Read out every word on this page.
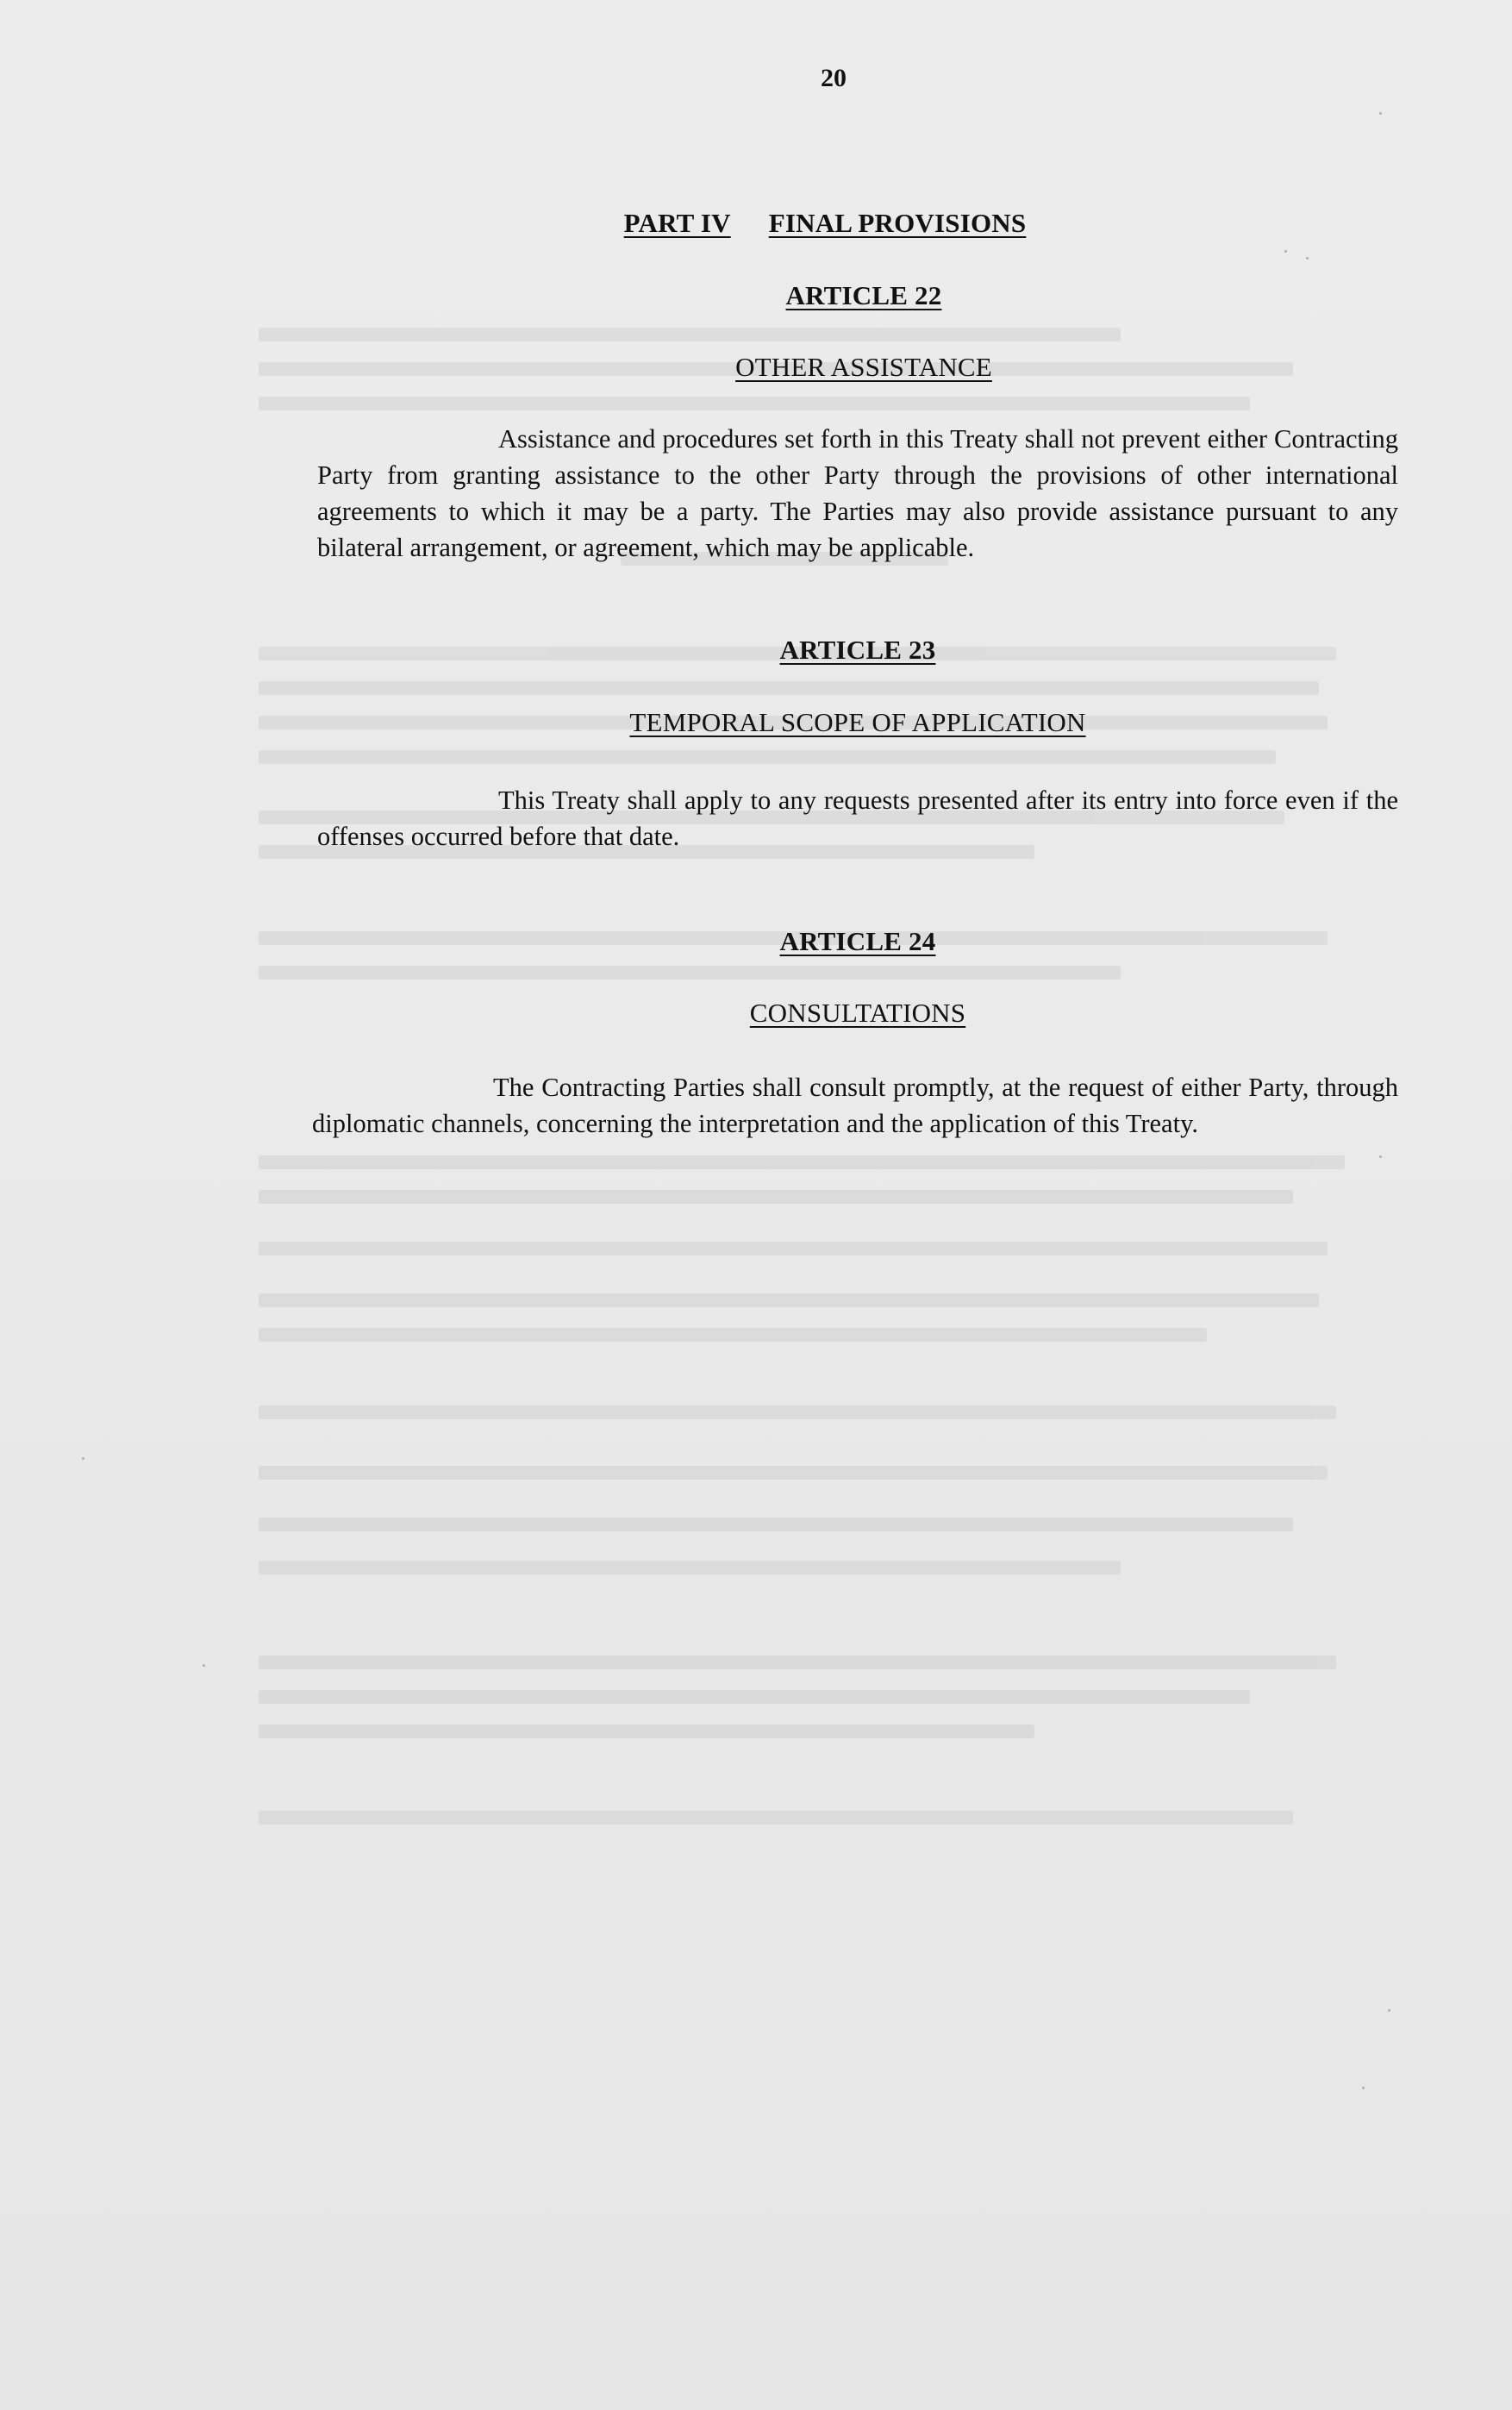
20
PART IV FINAL PROVISIONS
ARTICLE 22
OTHER ASSISTANCE

Assistance and procedures set forth in this Treaty shall not prevent either Contracting Party from granting assistance to the other Party through the provisions of other international agreements to which it may be a party. The Parties may also provide assistance pursuant to any bilateral arrangement, or agreement, which may be applicable.

ARTICLE 23
TEMPORAL SCOPE OF APPLICATION

This Treaty shall apply to any requests presented after its entry into force even if the offenses occurred before that date.

ARTICLE 24
CONSULTATIONS

The Contracting Parties shall consult promptly, at the request of either Party, through diplomatic channels, concerning the interpretation and the application of this Treaty.
